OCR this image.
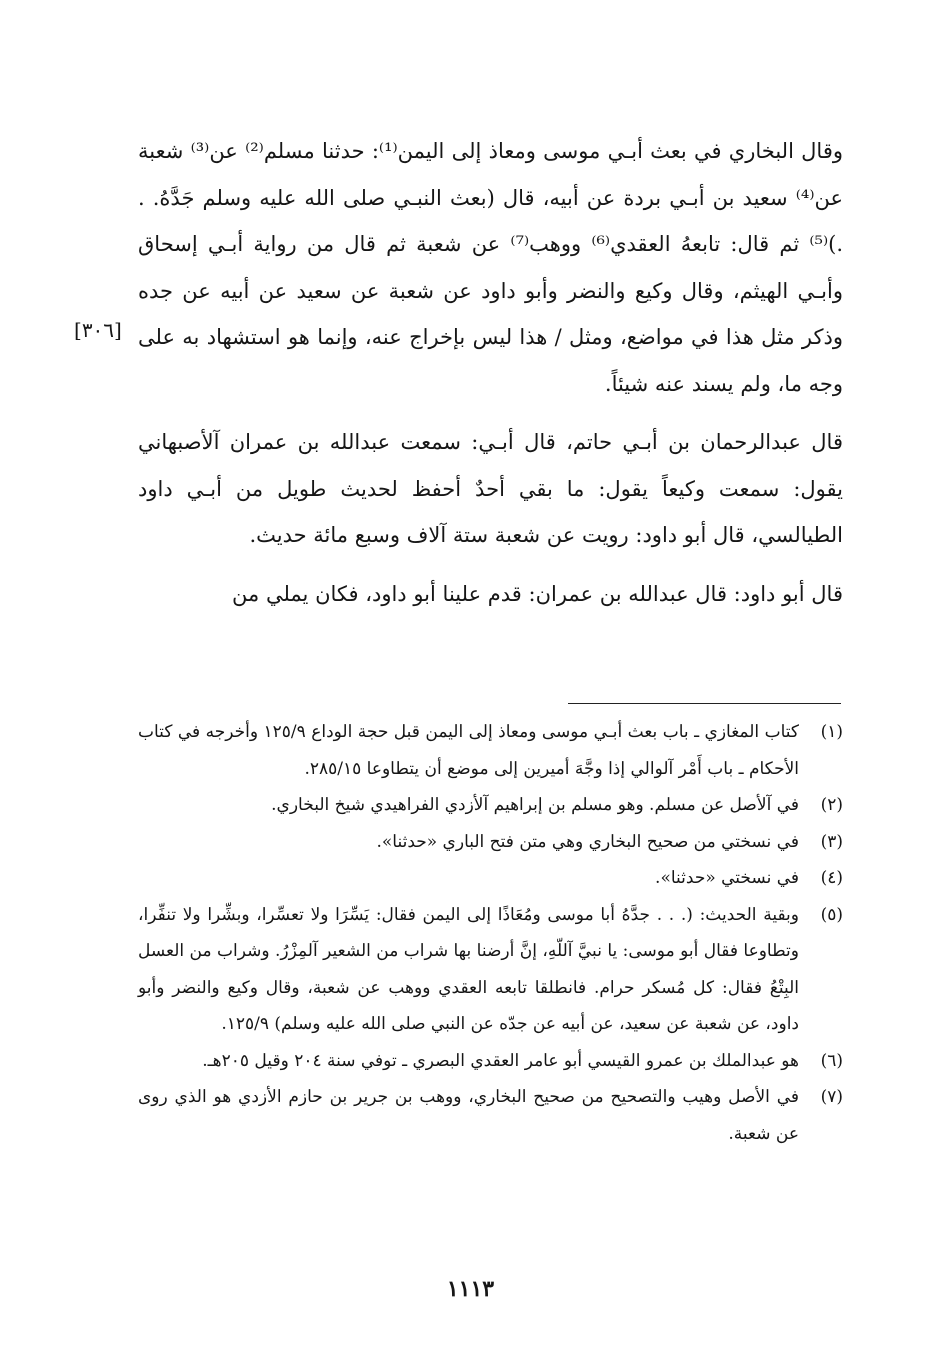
وقال البخاري في بعث أبـي موسى ومعاذ إلى اليمن⁽¹⁾: حدثنا مسلم⁽²⁾ عن⁽³⁾ شعبة عن⁽⁴⁾ سعيد بن أبـي بردة عن أبيه، قال (بعث النبـي صلى الله عليه وسلم جَدَّهُ. . .)⁽⁵⁾ ثم قال: تابعهُ العقدي⁽⁶⁾ ووهب⁽⁷⁾ عن شعبة ثم قال من رواية أبـي إسحاق وأبـي الهيثم، وقال وكيع والنضر وأبو داود عن شعبة عن سعيد عن أبيه عن جده وذكر مثل هذا في مواضع، ومثل / هذا ليس بإخراج عنه، وإنما هو استشهاد به على وجه ما، ولم يسند عنه شيئاً.

قال عبدالرحمان بن أبـي حاتم، قال أبـي: سمعت عبدالله بن عمران آلأصبهاني يقول: سمعت وكيعاً يقول: ما بقي أحدٌ أحفظ لحديث طويل من أبـي داود الطيالسي، قال أبو داود: رويت عن شعبة ستة آلاف وسبع مائة حديث.

قال أبو داود: قال عبدالله بن عمران: قدم علينا أبو داود، فكان يملي من

[٣٠٦]
(١)
كتاب المغازي ـ باب بعث أبـي موسى ومعاذ إلى اليمن قبل حجة الوداع ١٢٥/٩ وأخرجه في كتاب الأحكام ـ باب أَمْر آلوالي إذا وجَّهَ أميرين إلى موضع أن يتطاوعا ٢٨٥/١٥.
(٢)
في آلأصل عن مسلم. وهو مسلم بن إبراهيم آلأزدي الفراهيدي شيخ البخاري.
(٣)
في نسختي من صحيح البخاري وهي متن فتح الباري «حدثنا».
(٤)
في نسختي «حدثنا».
(٥)
وبقية الحديث: (. . . جدَّهُ أبا موسى ومُعَاذًا إلى اليمن فقال: يَسِّرَا ولا تعسِّرا، وبشِّرا ولا تنفِّرا، وتطاوعا فقال أبو موسى: يا نبيَّ آللّهِ، إنَّ أرضنا بها شراب من الشعير آلمِزْرُ. وشراب من العسل البِتْعُ فقال: كل مُسكر حرام. فانطلقا تابعه العقدي ووهب عن شعبة، وقال وكيع والنضر وأبو داود، عن شعبة عن سعيد، عن أبيه عن جدّه عن النبي صلى الله عليه وسلم) ١٢٥/٩.
(٦)
هو عبدالملك بن عمرو القيسي أبو عامر العقدي البصري ـ توفي سنة ٢٠٤ وقيل ٢٠٥هـ.
(٧)
في الأصل وهيب والتصحيح من صحيح البخاري، ووهب بن جرير بن حازم الأزدي هو الذي روى عن شعبة.
١١١٣
